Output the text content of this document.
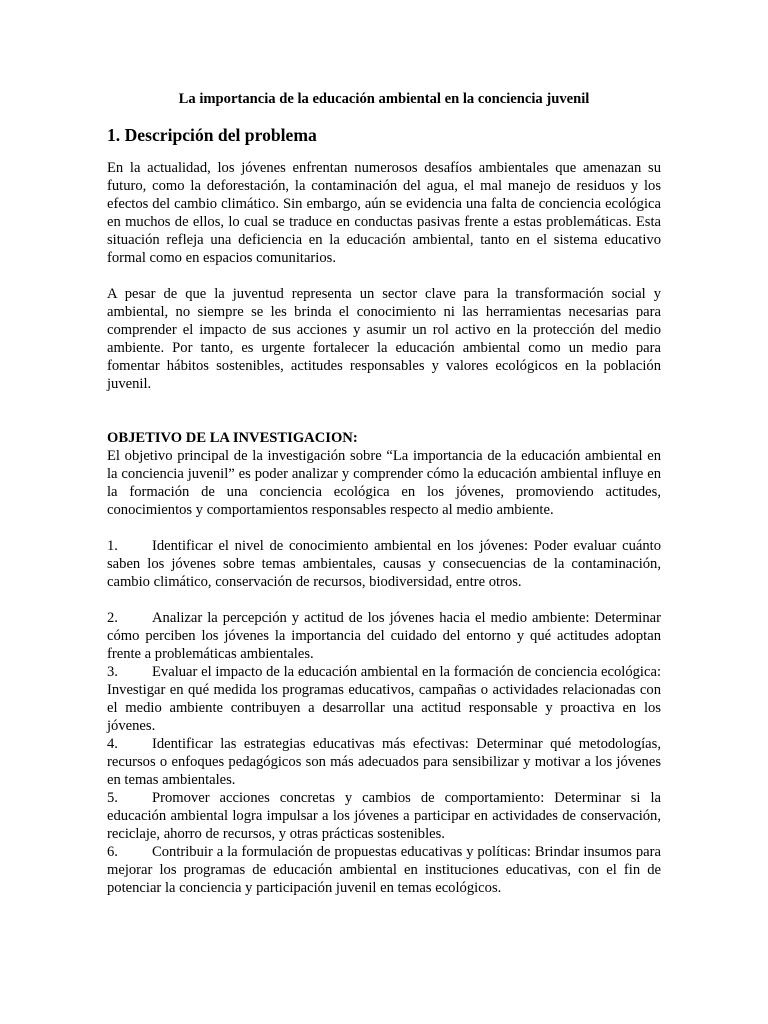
La importancia de la educación ambiental en la conciencia juvenil

1. Descripción del problema

En la actualidad, los jóvenes enfrentan numerosos desafíos ambientales que amenazan su futuro, como la deforestación, la contaminación del agua, el mal manejo de residuos y los efectos del cambio climático. Sin embargo, aún se evidencia una falta de conciencia ecológica en muchos de ellos, lo cual se traduce en conductas pasivas frente a estas problemáticas. Esta situación refleja una deficiencia en la educación ambiental, tanto en el sistema educativo formal como en espacios comunitarios.

A pesar de que la juventud representa un sector clave para la transformación social y ambiental, no siempre se les brinda el conocimiento ni las herramientas necesarias para comprender el impacto de sus acciones y asumir un rol activo en la protección del medio ambiente. Por tanto, es urgente fortalecer la educación ambiental como un medio para fomentar hábitos sostenibles, actitudes responsables y valores ecológicos en la población juvenil.

OBJETIVO DE LA INVESTIGACION:

El objetivo principal de la investigación sobre “La importancia de la educación ambiental en la conciencia juvenil” es poder analizar y comprender cómo la educación ambiental influye en la formación de una conciencia ecológica en los jóvenes, promoviendo actitudes, conocimientos y comportamientos responsables respecto al medio ambiente.

1. Identificar el nivel de conocimiento ambiental en los jóvenes: Poder evaluar cuánto saben los jóvenes sobre temas ambientales, causas y consecuencias de la contaminación, cambio climático, conservación de recursos, biodiversidad, entre otros.

2. Analizar la percepción y actitud de los jóvenes hacia el medio ambiente: Determinar cómo perciben los jóvenes la importancia del cuidado del entorno y qué actitudes adoptan frente a problemáticas ambientales.

3. Evaluar el impacto de la educación ambiental en la formación de conciencia ecológica: Investigar en qué medida los programas educativos, campañas o actividades relacionadas con el medio ambiente contribuyen a desarrollar una actitud responsable y proactiva en los jóvenes.

4. Identificar las estrategias educativas más efectivas: Determinar qué metodologías, recursos o enfoques pedagógicos son más adecuados para sensibilizar y motivar a los jóvenes en temas ambientales.

5. Promover acciones concretas y cambios de comportamiento: Determinar si la educación ambiental logra impulsar a los jóvenes a participar en actividades de conservación, reciclaje, ahorro de recursos, y otras prácticas sostenibles.

6. Contribuir a la formulación de propuestas educativas y políticas: Brindar insumos para mejorar los programas de educación ambiental en instituciones educativas, con el fin de potenciar la conciencia y participación juvenil en temas ecológicos.
